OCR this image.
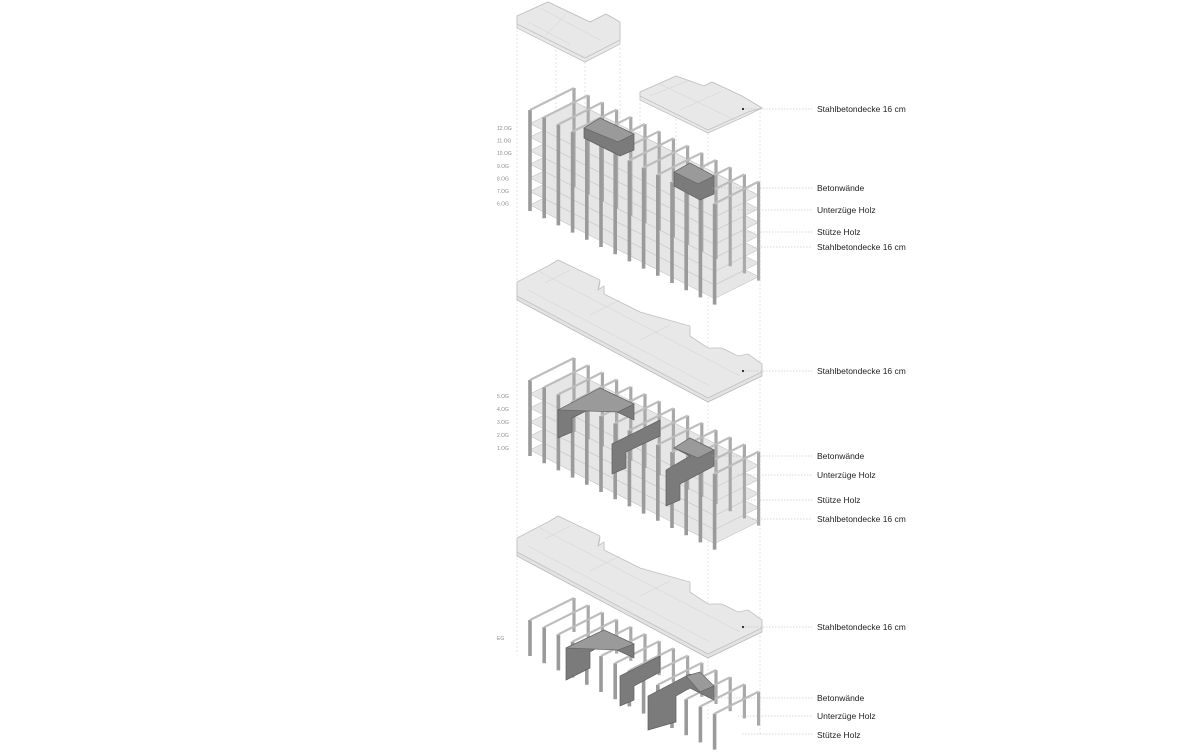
Stahlbetondecke 16 cm
Betonwände
Unterzüge Holz
Stütze Holz
Stahlbetondecke 16 cm
Stahlbetondecke 16 cm
Betonwände
Unterzüge Holz
Stütze Holz
Stahlbetondecke 16 cm
Stahlbetondecke 16 cm
Betonwände
Unterzüge Holz
Stütze Holz
12.OG
11.OG
10.OG
9.OG
8.OG
7.OG
6.OG
5.OG
4.OG
3.OG
2.OG
1.OG
EG
